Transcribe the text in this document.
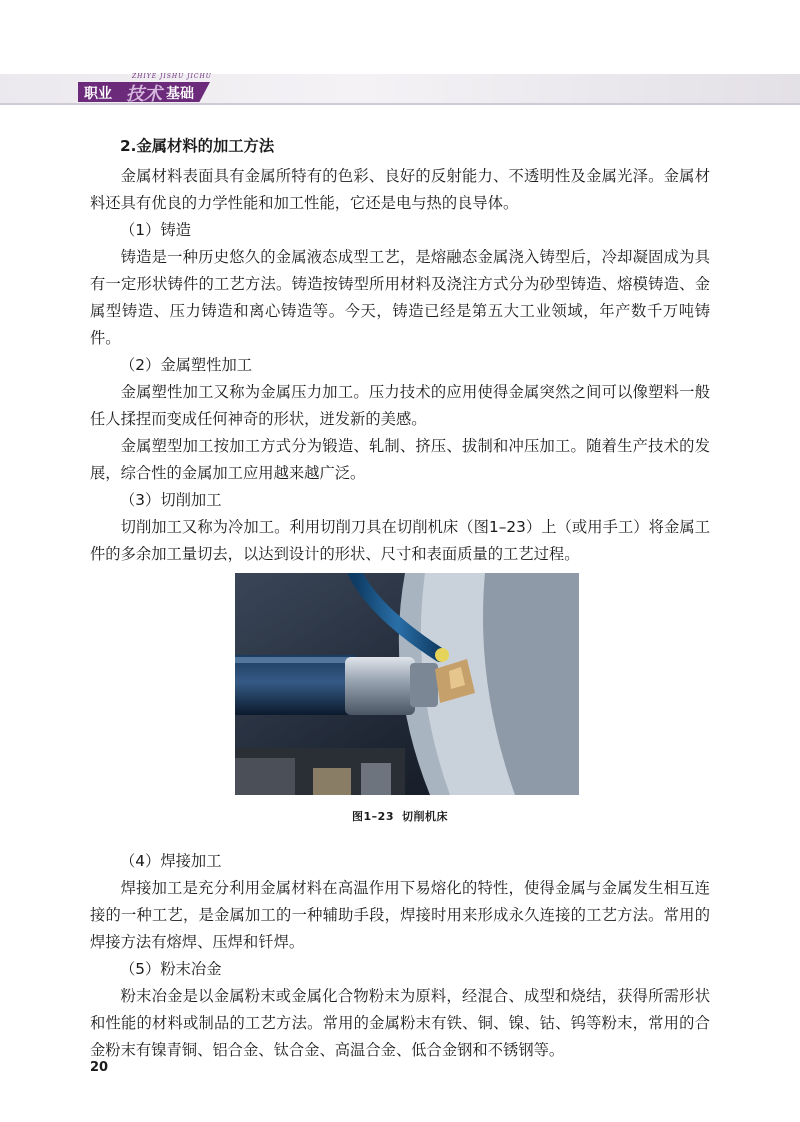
ZHIYE JISHU JICHU
职业 技术 基础
2.金属材料的加工方法

金属材料表面具有金属所特有的色彩、良好的反射能力、不透明性及金属光泽。金属材料还具有优良的力学性能和加工性能，它还是电与热的良导体。

（1）铸造

铸造是一种历史悠久的金属液态成型工艺，是熔融态金属浇入铸型后，冷却凝固成为具有一定形状铸件的工艺方法。铸造按铸型所用材料及浇注方式分为砂型铸造、熔模铸造、金属型铸造、压力铸造和离心铸造等。今天，铸造已经是第五大工业领域，年产数千万吨铸件。

（2）金属塑性加工

金属塑性加工又称为金属压力加工。压力技术的应用使得金属突然之间可以像塑料一般任人揉捏而变成任何神奇的形状，迸发新的美感。

金属塑型加工按加工方式分为锻造、轧制、挤压、拔制和冲压加工。随着生产技术的发展，综合性的金属加工应用越来越广泛。

（3）切削加工

切削加工又称为冷加工。利用切削刀具在切削机床（图1–23）上（或用手工）将金属工件的多余加工量切去，以达到设计的形状、尺寸和表面质量的工艺过程。

图1–23 切削机床
（4）焊接加工

焊接加工是充分利用金属材料在高温作用下易熔化的特性，使得金属与金属发生相互连接的一种工艺，是金属加工的一种辅助手段，焊接时用来形成永久连接的工艺方法。常用的焊接方法有熔焊、压焊和钎焊。

（5）粉末冶金

粉末冶金是以金属粉末或金属化合物粉末为原料，经混合、成型和烧结，获得所需形状和性能的材料或制品的工艺方法。常用的金属粉末有铁、铜、镍、钴、钨等粉末，常用的合金粉末有镍青铜、铝合金、钛合金、高温合金、低合金钢和不锈钢等。

20
